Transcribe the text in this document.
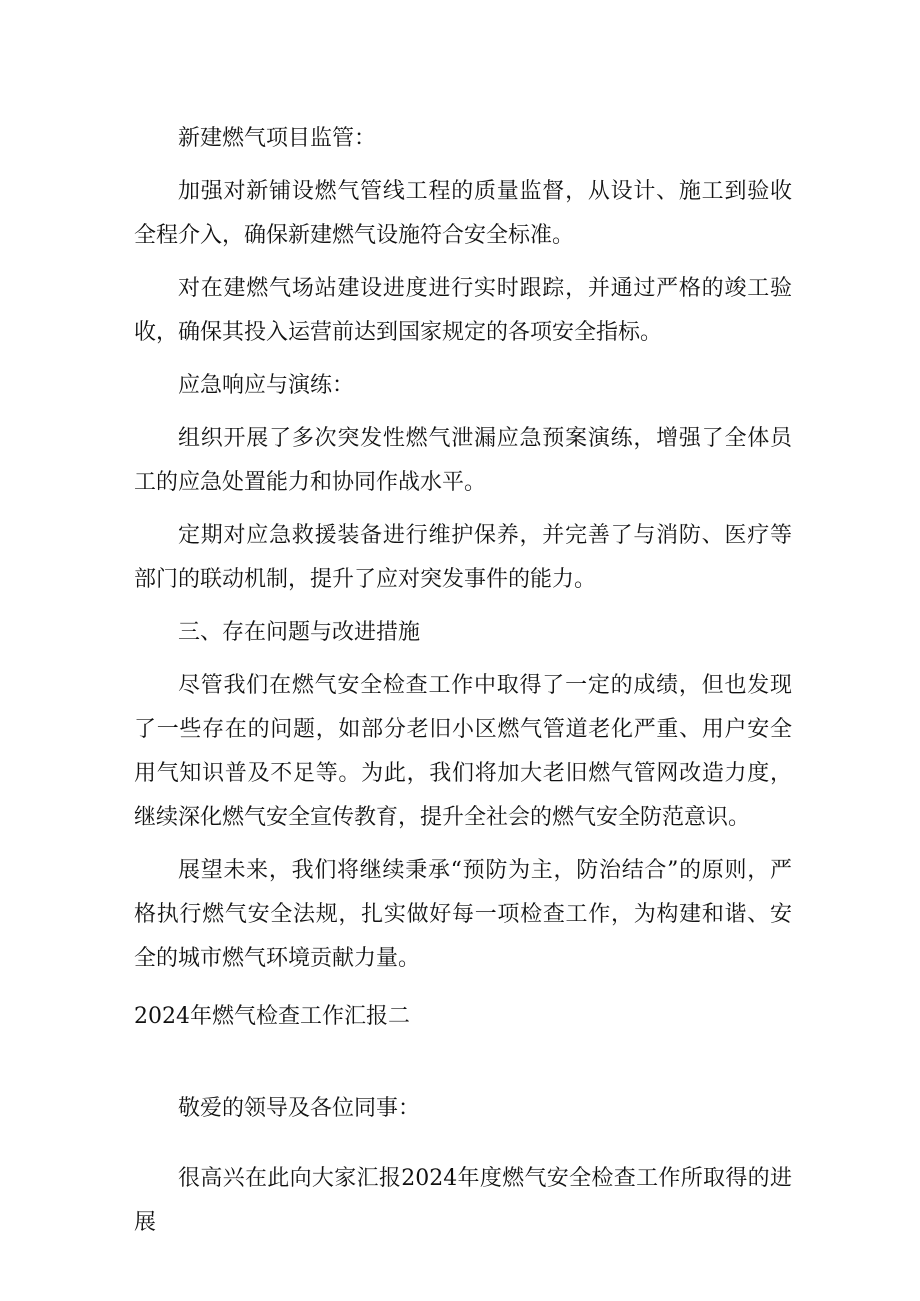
新建燃气项目监管：

加强对新铺设燃气管线工程的质量监督，从设计、施工到验收全程介入，确保新建燃气设施符合安全标准。

对在建燃气场站建设进度进行实时跟踪，并通过严格的竣工验收，确保其投入运营前达到国家规定的各项安全指标。

应急响应与演练：

组织开展了多次突发性燃气泄漏应急预案演练，增强了全体员工的应急处置能力和协同作战水平。

定期对应急救援装备进行维护保养，并完善了与消防、医疗等部门的联动机制，提升了应对突发事件的能力。

三、存在问题与改进措施

尽管我们在燃气安全检查工作中取得了一定的成绩，但也发现了一些存在的问题，如部分老旧小区燃气管道老化严重、用户安全用气知识普及不足等。为此，我们将加大老旧燃气管网改造力度，继续深化燃气安全宣传教育，提升全社会的燃气安全防范意识。

展望未来，我们将继续秉承“预防为主，防治结合”的原则，严格执行燃气安全法规，扎实做好每一项检查工作，为构建和谐、安全的城市燃气环境贡献力量。

2024年燃气检查工作汇报二

敬爱的领导及各位同事：

很高兴在此向大家汇报2024年度燃气安全检查工作所取得的进展
